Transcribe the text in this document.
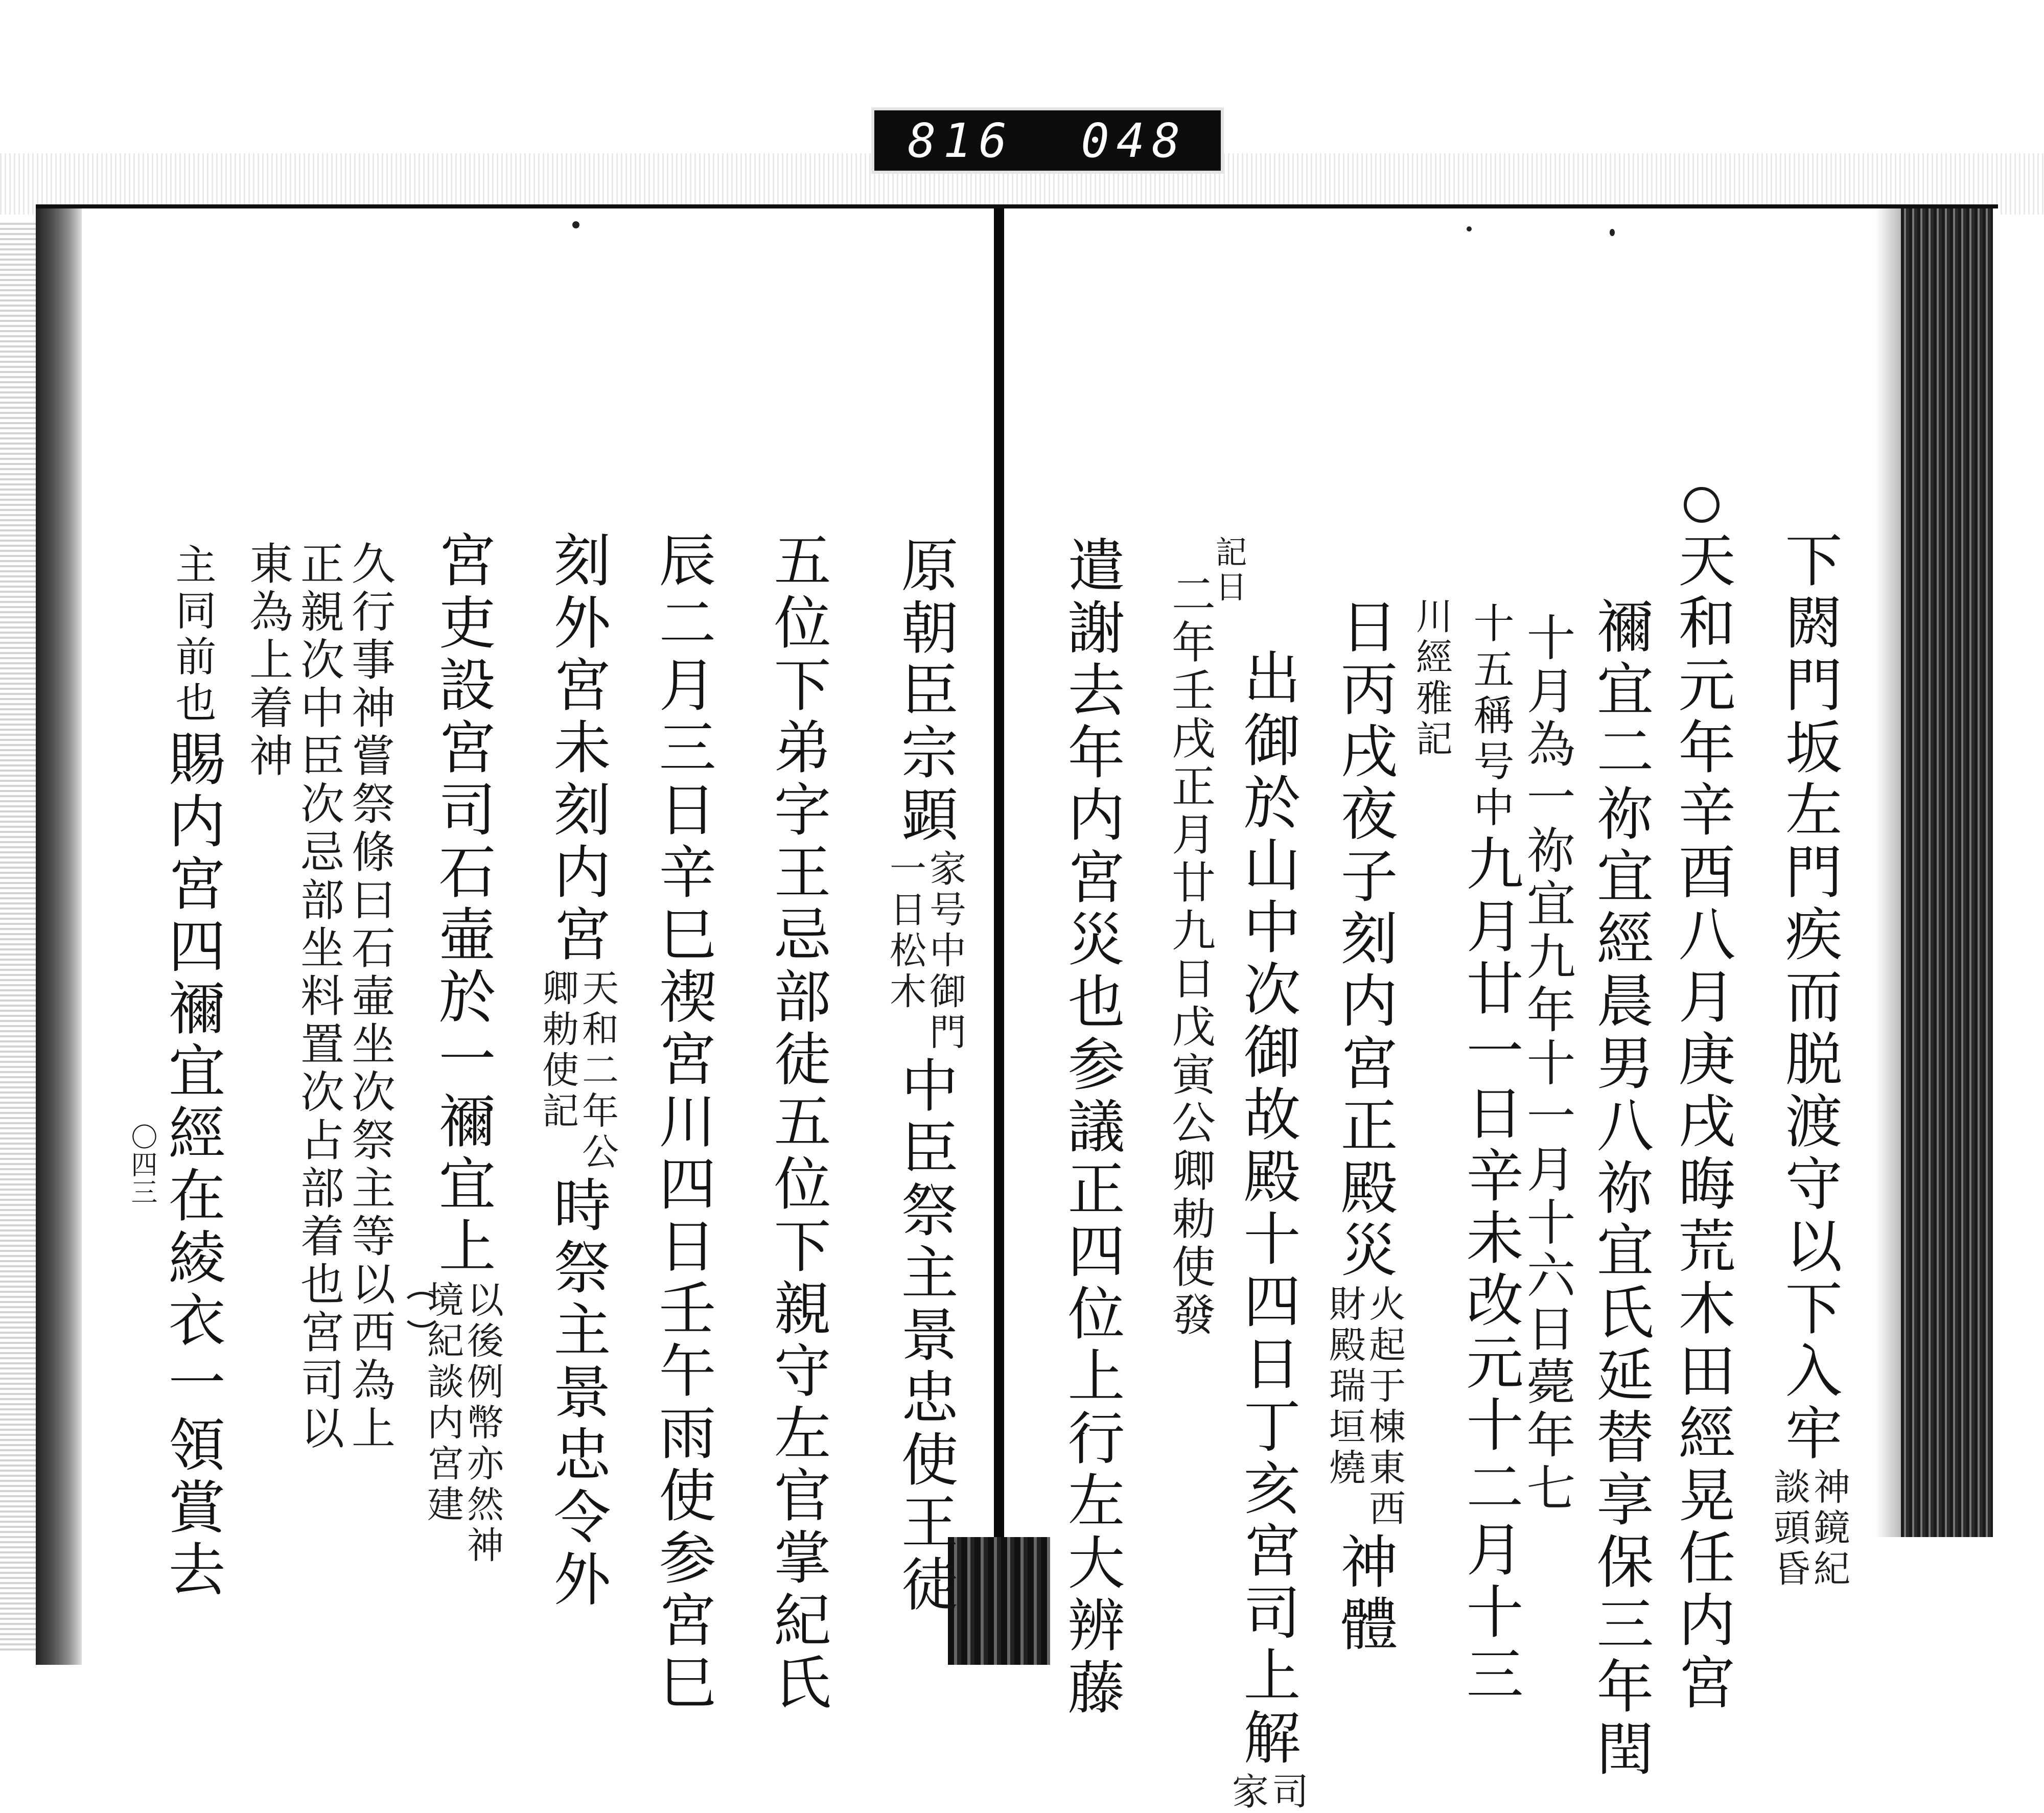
816 048
下閼門坂左門疾而脱渡守以下入牢
神鏡紀
談頭昏
天和元年辛酉八月庚戌晦荒木田經晃任内宮
禰宜二祢宜經晨男八祢宜氏延替享保三年閏
十月為一祢宜九年十一月十六日薨年七
十五稱号中
九月廿一日辛未改元十二月十三
川經雅記
日丙戌夜子刻内宮正殿災
火起于棟東西
財殿瑞垣燒
神體
出御於山中次御故殿十四日丁亥宮司上解
司
家
記日
二年壬戌正月廿九日戊寅公卿勅使發
遣謝去年内宮災也参議正四位上行左大辨藤
原朝臣宗顕
家号中御門
一日松木
中臣祭主景忠使王徒
五位下弟字王忌部徒五位下親守左官掌紀氏
辰二月三日辛巳禊宮川四日壬午雨使参宮巳
刻外宮未刻内宮
天和二年公
卿勅使記
時祭主景忠令外
宮吏設宮司石壷於一禰宜上
以後例幣亦然神
境紀談内宮建
久行事神嘗祭條曰石壷坐次祭主等以西為上
正親次中臣次忌部坐料置次占部着也宮司以
東為上着神
主同前也
賜内宮四禰宜經在綾衣一領賞去
〇四三
